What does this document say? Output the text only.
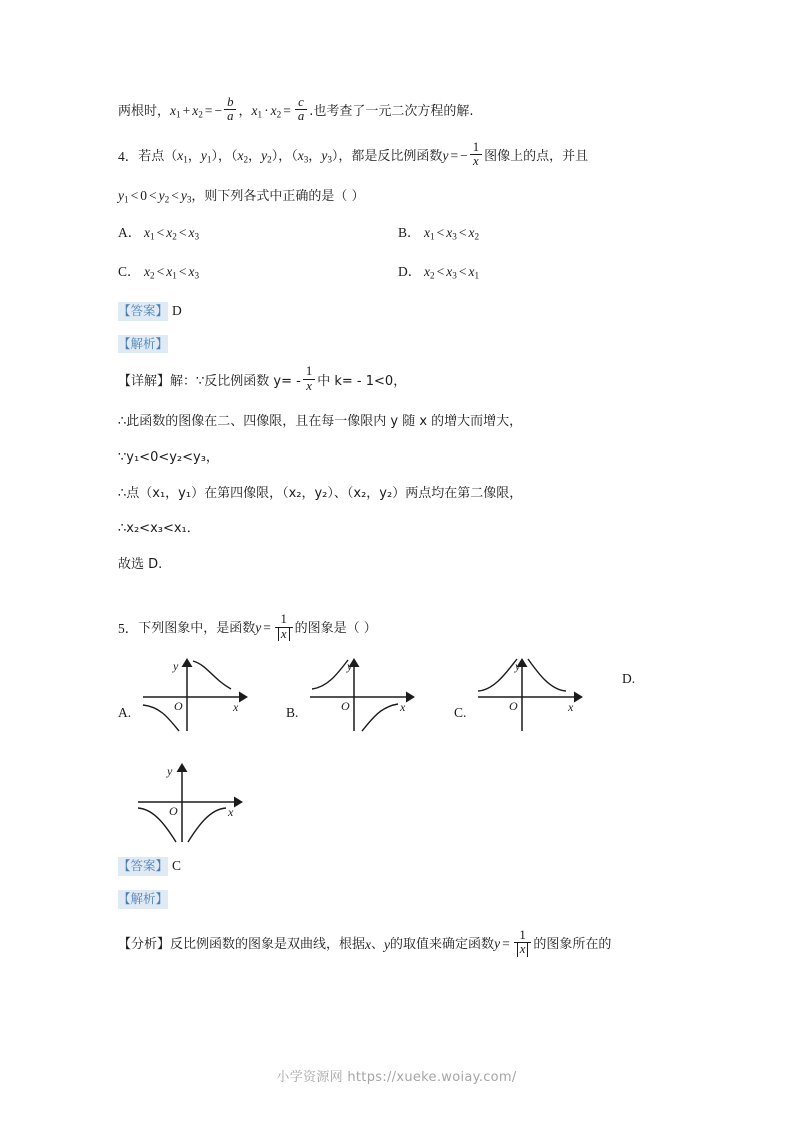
两根时， $x_1 + x_2$ = − $\frac{b}{a}$ ， $x_1 \cdot x_2 = \frac{c}{a}$ .也考查了一元二次方程的解.
4． 若点（ $x_1$ ， $y_1$ ），（ $x_2$ ， $y_2$ ），（ $x_3$ ， $y_3$ ）， 都是反比例函数 y = − $\frac{1}{x}$ 图像上的点，并且
$y_1 < 0 < y_2 < y_3$ ，则下列各式中正确的是（ ）
A． $x_1 < x_2 < x_3$	B． $x_1 < x_3 < x_2$
C． $x_2 < x_1 < x_3$	D． $x_2 < x_3 < x_1$
【答案】 D
【解析】
【详解】 解：∵反比例函数 $y= - \frac{1}{x}$ 中 k= - 1<0，
∴此函数的图像在二、四像限，且在每一像限内 y 随 x 的增大而增大，
∵y₁<0<y₂<y₃，
∴点（x₁，y₁）在第四像限，（x₂，y₂）、（x₂，y₂）两点均在第二像限，
∴x₂<x₃<x₁．
故选 D.
5． 下列图象中，是函数 $y = \frac{1}{x}$ 的图象是（ ）
A.
y
x
O	B.
y
x
O	C.
y
x
O
D.
y
x
O
【答案】 C
【解析】
【分析】 反比例函数的图象是双曲线，根据 x 、 y 的取值来确定函数 $y = \frac{1}{x}$ 的图象所在的
小学资源网 https://xueke.woiay.com/
